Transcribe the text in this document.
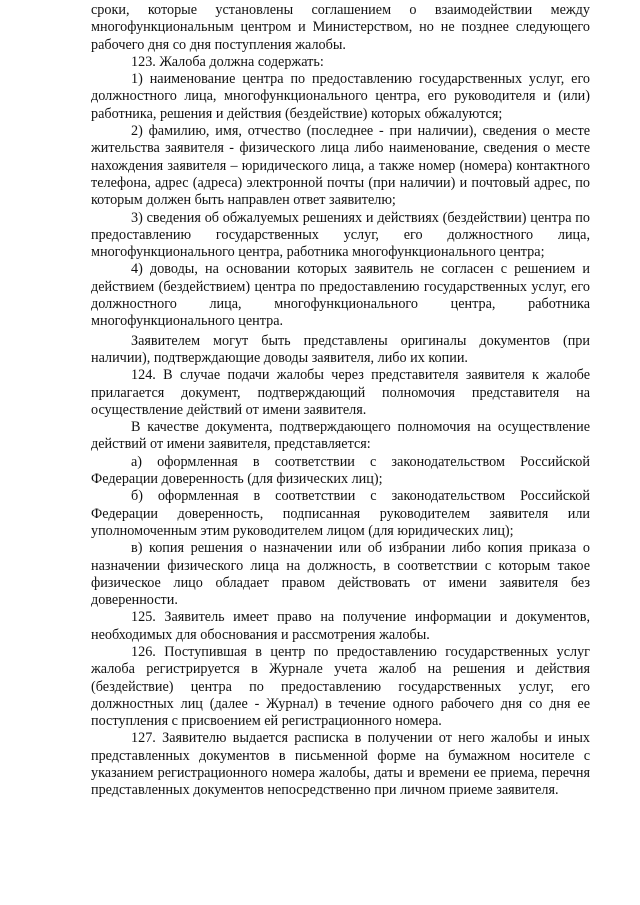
сроки, которые установлены соглашением о взаимодействии между многофункциональным центром и Министерством, но не позднее следующего рабочего дня со дня поступления жалобы.

123. Жалоба должна содержать:

1) наименование центра по предоставлению государственных услуг, его должностного лица, многофункционального центра, его руководителя и (или) работника, решения и действия (бездействие) которых обжалуются;

2) фамилию, имя, отчество (последнее - при наличии), сведения о месте жительства заявителя - физического лица либо наименование, сведения о месте нахождения заявителя – юридического лица, а также номер (номера) контактного телефона, адрес (адреса) электронной почты (при наличии) и почтовый адрес, по которым должен быть направлен ответ заявителю;

3) сведения об обжалуемых решениях и действиях (бездействии) центра по предоставлению государственных услуг, его должностного лица, многофункционального центра, работника многофункционального центра;

4) доводы, на основании которых заявитель не согласен с решением и действием (бездействием) центра по предоставлению государственных услуг, его должностного лица, многофункционального центра, работника многофункционального центра.

Заявителем могут быть представлены оригиналы документов (при наличии), подтверждающие доводы заявителя, либо их копии.

124. В случае подачи жалобы через представителя заявителя к жалобе прилагается документ, подтверждающий полномочия представителя на осуществление действий от имени заявителя.

В качестве документа, подтверждающего полномочия на осуществление действий от имени заявителя, представляется:

а) оформленная в соответствии с законодательством Российской Федерации доверенность (для физических лиц);

б) оформленная в соответствии с законодательством Российской Федерации доверенность, подписанная руководителем заявителя или уполномоченным этим руководителем лицом (для юридических лиц);

в) копия решения о назначении или об избрании либо копия приказа о назначении физического лица на должность, в соответствии с которым такое физическое лицо обладает правом действовать от имени заявителя без доверенности.

125. Заявитель имеет право на получение информации и документов, необходимых для обоснования и рассмотрения жалобы.

126. Поступившая в центр по предоставлению государственных услуг жалоба регистрируется в Журнале учета жалоб на решения и действия (бездействие) центра по предоставлению государственных услуг, его должностных лиц (далее - Журнал) в течение одного рабочего дня со дня ее поступления с присвоением ей регистрационного номера.

127. Заявителю выдается расписка в получении от него жалобы и иных представленных документов в письменной форме на бумажном носителе с указанием регистрационного номера жалобы, даты и времени ее приема, перечня представленных документов непосредственно при личном приеме заявителя.
